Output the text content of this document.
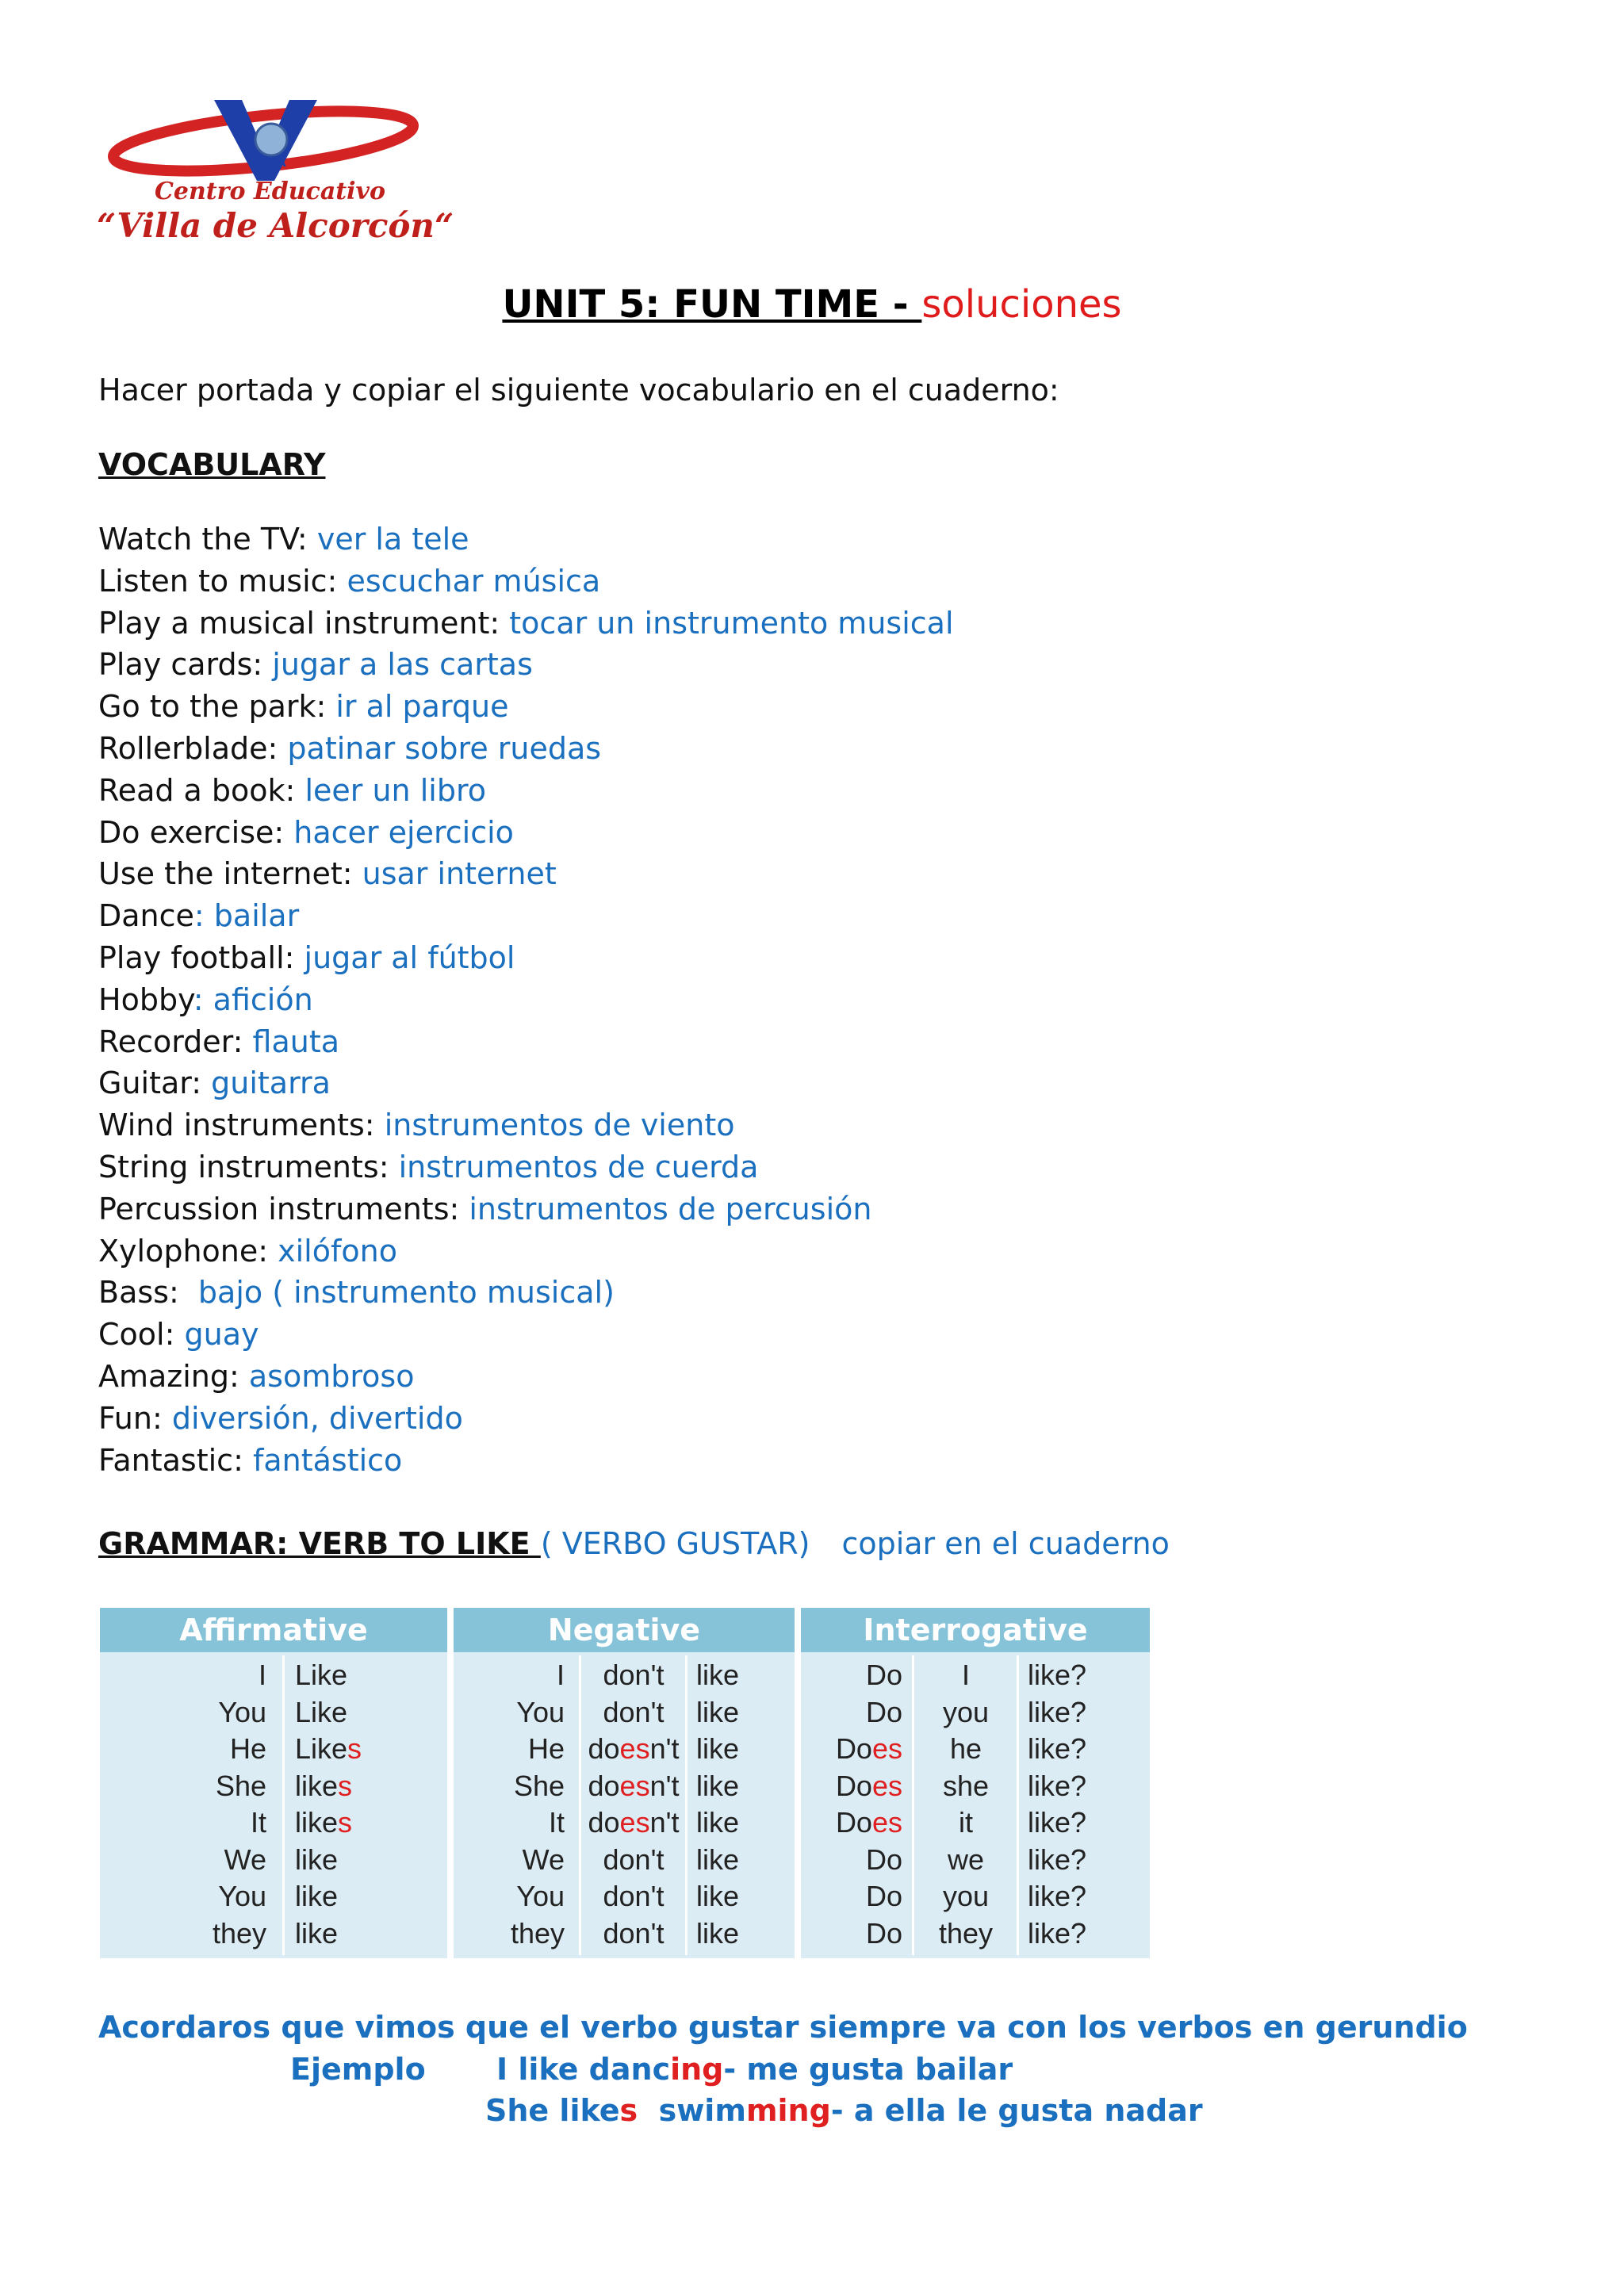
VEA
Centro Educativo
“Villa de Alcorcón“
UNIT 5: FUN TIME - soluciones
Hacer portada y copiar el siguiente vocabulario en el cuaderno:
VOCABULARY
Watch the TV: ver la tele
Listen to music: escuchar música
Play a musical instrument: tocar un instrumento musical
Play cards: jugar a las cartas
Go to the park: ir al parque
Rollerblade: patinar sobre ruedas
Read a book: leer un libro
Do exercise: hacer ejercicio
Use the internet: usar internet
Dance: bailar
Play football: jugar al fútbol
Hobby: afición
Recorder: flauta
Guitar: guitarra
Wind instruments: instrumentos de viento
String instruments: instrumentos de cuerda
Percussion instruments: instrumentos de percusión
Xylophone: xilófono
Bass:  bajo ( instrumento musical)
Cool: guay
Amazing: asombroso
Fun: diversión, divertido
Fantastic: fantástico
GRAMMAR: VERB TO LIKE ( VERBO GUSTAR) copiar en el cuaderno
Affirmative	Negative	Interrogative
I Like
You Like
He Likes
She likes
It likes
We like
You like
they like
I	don't	like
You	don't	like
He doesn't like
She doesn't like
It doesn't like
We	don't	like
You	don't	like
they	don't	like
Do	I	like?
Do	you	like?
Does	he	like?
Does	she	like?
Does	it	like?
Do	we	like?
Do	you	like?
Do	they	like?
Acordaros que vimos que el verbo gustar siempre va con los verbos en gerundio
Ejemplo I like dancing- me gusta bailar
She likes  swimming- a ella le gusta nadar
